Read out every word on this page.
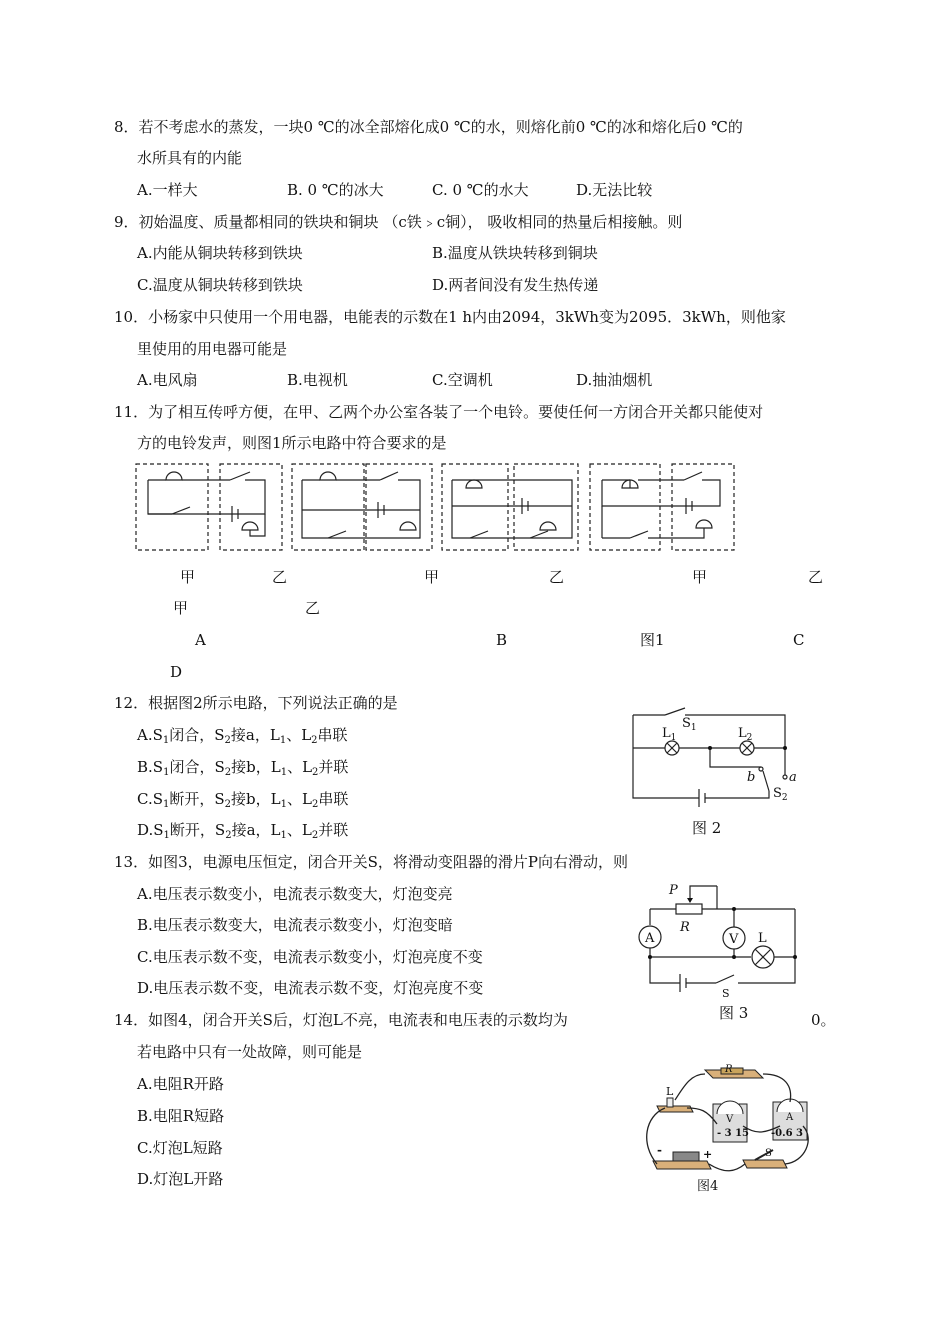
8．若不考虑水的蒸发，一块0 ℃的冰全部熔化成0 ℃的水，则熔化前0 ℃的冰和熔化后0 ℃的
水所具有的内能
A.一样大	B. 0 ℃的冰大	C. 0 ℃的水大	D.无法比较
9．初始温度、质量都相同的铁块和铜块 （c铁﹥c铜）， 吸收相同的热量后相接触。则
A.内能从铜块转移到铁块	B.温度从铁块转移到铜块
C.温度从铜块转移到铁块	D.两者间没有发生热传递
10．小杨家中只使用一个用电器，电能表的示数在1 h内由2094，3kWh变为2095．3kWh，则他家
里使用的用电器可能是
A.电风扇	B.电视机	C.空调机	D.抽油烟机
11．为了相互传呼方便，在甲、乙两个办公室各装了一个电铃。要使任何一方闭合开关都只能使对
方的电铃发声，则图1所示电路中符合要求的是
甲	乙	甲	乙	甲	乙
甲	乙
A	B	图1	C
D
12．根据图2所示电路，下列说法正确的是
$A.S_1$闭合，$S_2$接a，$L_1$、$L_2$串联
$B.S_1$闭合，$S_2$接b，$L_1$、$L_2$并联
$C.S_1$断开，$S_2$接b，$L_1$、$L_2$串联
$D.S_1$断开，$S_2$接a，$L_1$、$L_2$并联
$S_1$
$L_1$	$L_2$
b	a
$S_2$
图 2
13．如图3，电源电压恒定，闭合开关S，将滑动变阻器的滑片P向右滑动，则
A.电压表示数变小，电流表示数变大，灯泡变亮
B.电压表示数变大，电流表示数变小，灯泡变暗
C.电压表示数不变，电流表示数变小，灯泡亮度不变
D.电压表示数不变，电流表示数不变，灯泡亮度不变
P
R
A	V L
S
图 3
14．如图4，闭合开关S后，灯泡L不亮，电流表和电压表的示数均为	0。
若电路中只有一处故障，则可能是
A.电阻R开路
B.电阻R短路
C.灯泡L短路
D.灯泡L开路
R
L
V	A
- 3 15 -0.6 3
-	+	S
图4
